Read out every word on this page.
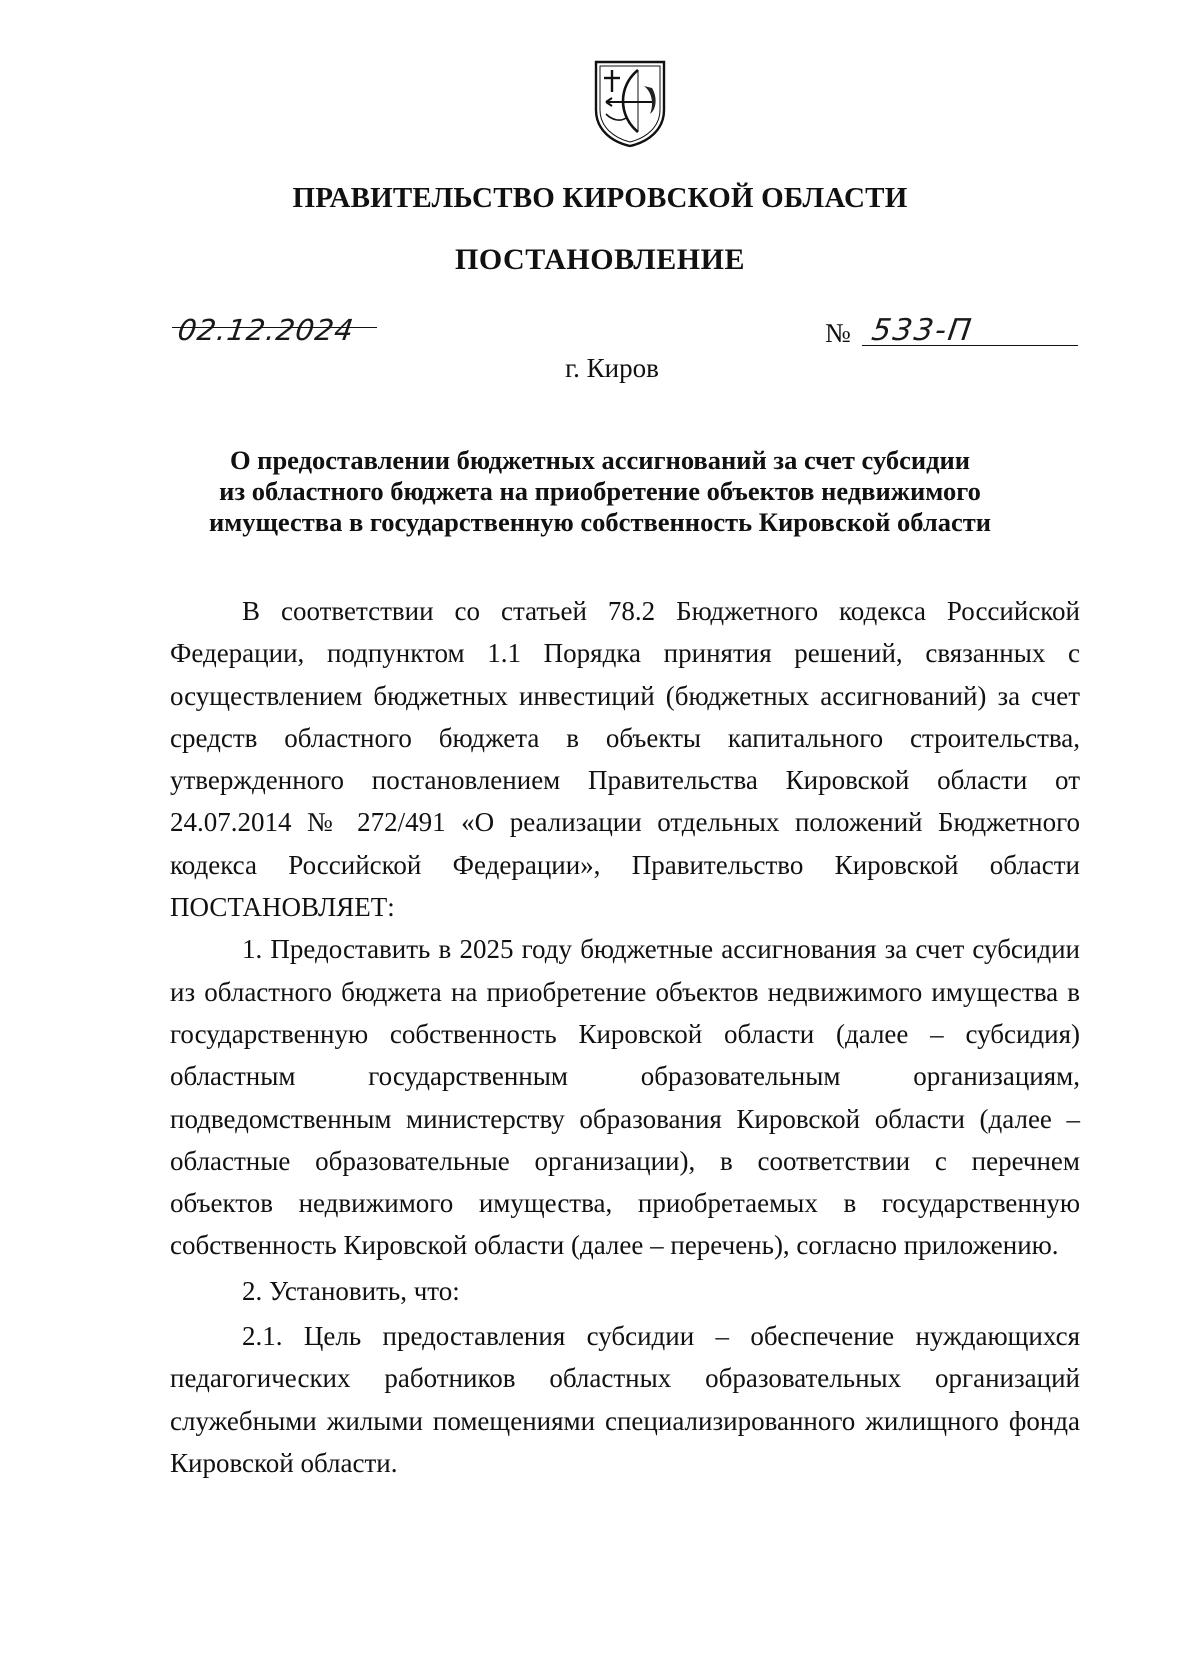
ПРАВИТЕЛЬСТВО КИРОВСКОЙ ОБЛАСТИ
ПОСТАНОВЛЕНИЕ
02.12.2024	№ 533-П
г. Киров
О предоставлении бюджетных ассигнований за счет субсидии
из областного бюджета на приобретение объектов недвижимого
имущества в государственную собственность Кировской области

В соответствии со статьей 78.2 Бюджетного кодекса Российской Федерации, подпунктом 1.1 Порядка принятия решений, связанных с осуществлением бюджетных инвестиций (бюджетных ассигнований) за счет средств областного бюджета в объекты капитального строительства, утвержденного постановлением Правительства Кировской области от 24.07.2014 № 272/491 «О реализации отдельных положений Бюджетного кодекса Российской Федерации», Правительство Кировской области ПОСТАНОВЛЯЕТ:

1. Предоставить в 2025 году бюджетные ассигнования за счет субсидии из областного бюджета на приобретение объектов недвижимого имущества в государственную собственность Кировской области (далее – субсидия) областным государственным образовательным организациям, подведомственным министерству образования Кировской области (далее – областные образовательные организации), в соответствии с перечнем объектов недвижимого имущества, приобретаемых в государственную собственность Кировской области (далее – перечень), согласно приложению.

2. Установить, что:

2.1. Цель предоставления субсидии – обеспечение нуждающихся педагогических работников областных образовательных организаций служебными жилыми помещениями специализированного жилищного фонда Кировской области.
